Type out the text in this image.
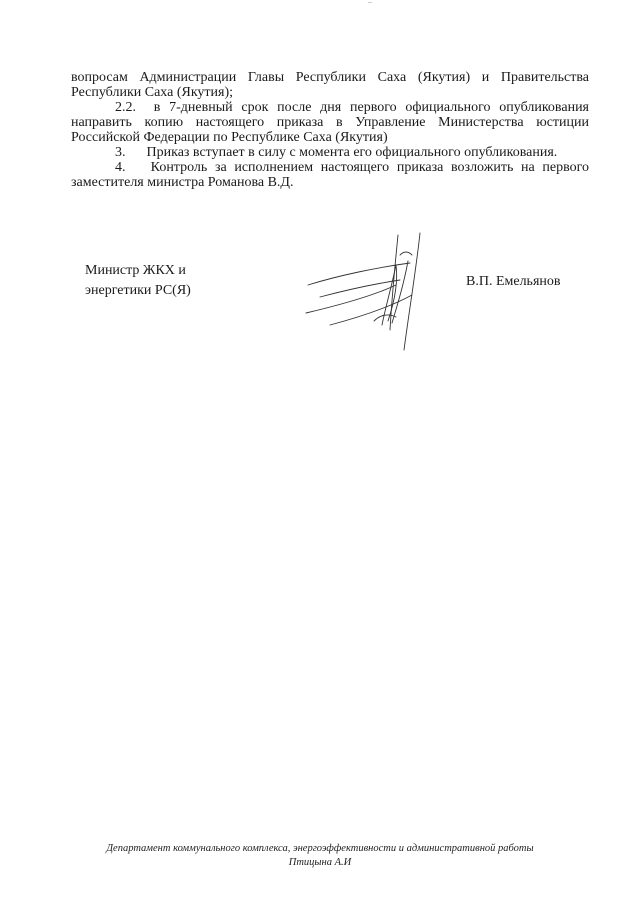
вопросам Администрации Главы Республики Саха (Якутия) и Правительства Республики Саха (Якутия);

2.2. в 7-дневный срок после дня первого официального опубликования направить копию настоящего приказа в Управление Министерства юстиции Российской Федерации по Республике Саха (Якутия)

3. Приказ вступает в силу с момента его официального опубликования.

4. Контроль за исполнением настоящего приказа возложить на первого заместителя министра Романова В.Д.

Министр ЖКХ и
энергетики РС(Я)
В.П. Емельянов
Департамент коммунального комплекса, энергоэффективности и административной работы
Птицына А.И
